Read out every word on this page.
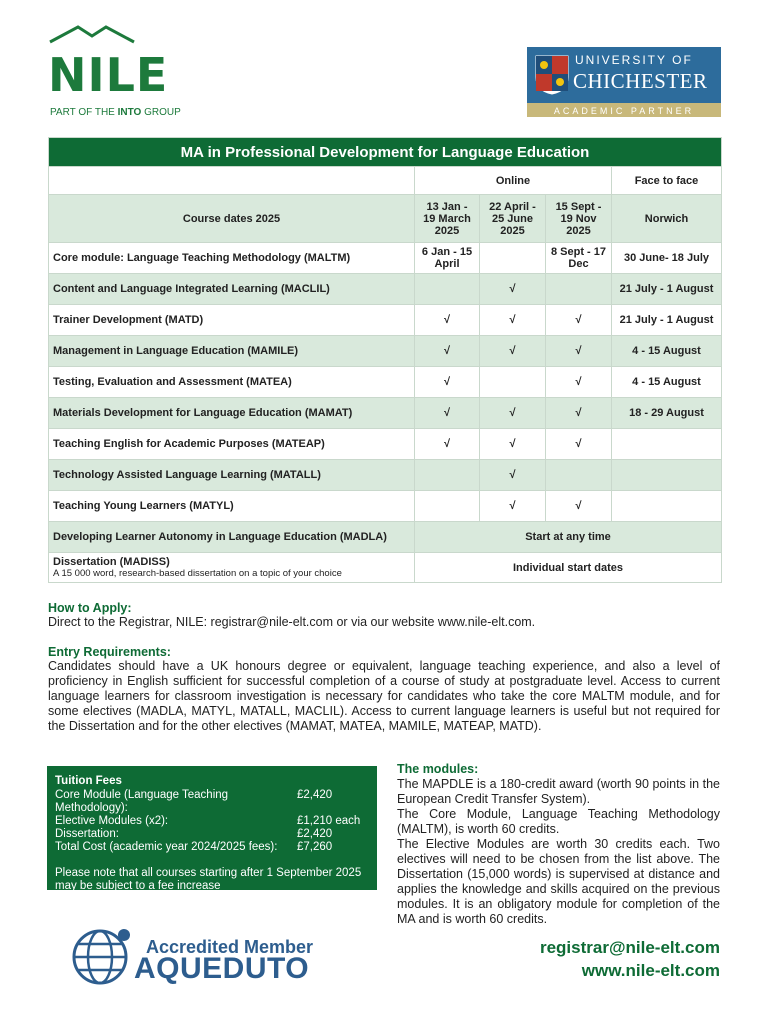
NILE
PART OF THE INTO GROUP
UNIVERSITY OF
CHICHESTER
ACADEMIC PARTNER
MA in Professional Development for Language Education				
	Online			Face to face
Course dates 2025	13 Jan - 19 March 2025	22 April - 25 June 2025	15 Sept - 19 Nov 2025	Norwich
Core module: Language Teaching Methodology (MALTM)	6 Jan - 15 April		8 Sept - 17 Dec	30 June- 18 July
Content and Language Integrated Learning (MACLIL)		√		21 July - 1 August
Trainer Development (MATD)	√	√	√	21 July - 1 August
Management in Language Education (MAMILE)	√	√	√	4 - 15 August
Testing, Evaluation and Assessment (MATEA)	√		√	4 - 15 August
Materials Development for Language Education (MAMAT)	√	√	√	18 - 29 August
Teaching English for Academic Purposes (MATEAP)	√	√	√	
Technology Assisted Language Learning (MATALL)		√		
Teaching Young Learners (MATYL)		√	√	
Developing Learner Autonomy in Language Education (MADLA)	Start at any time			
Dissertation (MADISS)
A 15 000 word, research-based dissertation on a topic of your choice	Individual start dates			
How to Apply:
Direct to the Registrar, NILE: registrar@nile-elt.com or via our website www.nile-elt.com.
Entry Requirements:
Candidates should have a UK honours degree or equivalent, language teaching experience, and also a level of proficiency in English sufficient for successful completion of a course of study at postgraduate level. Access to current language learners for classroom investigation is necessary for candidates who take the core MALTM module, and for some electives (MADLA, MATYL, MATALL, MACLIL). Access to current language learners is useful but not required for the Dissertation and for the other electives (MAMAT, MATEA, MAMILE, MATEAP, MATD).
Tuition Fees
Core Module (Language Teaching Methodology):
£2,420
Elective Modules (x2):	£1,210 each
Dissertation:	£2,420
Total Cost (academic year 2024/2025 fees):	£7,260
Please note that all courses starting after 1 September 2025 may be subject to a fee increase
The modules:
The MAPDLE is a 180-credit award (worth 90 points in the European Credit Transfer System).
The Core Module, Language Teaching Methodology (MALTM), is worth 60 credits.
The Elective Modules are worth 30 credits each. Two electives will need to be chosen from the list above. The Dissertation (15,000 words) is supervised at distance and applies the knowledge and skills acquired on the previous modules. It is an obligatory module for completion of the MA and is worth 60 credits.
Accredited Member
AQUEDUTO
registrar@nile-elt.com
www.nile-elt.com
